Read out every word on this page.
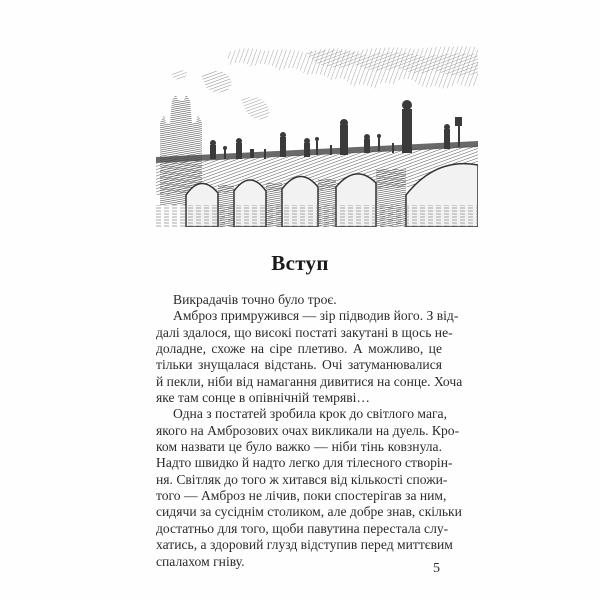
Вступ
Викрадачів точно було троє.
Амброз примружився — зір підводив його. З від-
далі здалося, що високі постаті закутані в щось не-
доладне, схоже на сіре плетиво. А можливо, це
тільки знущалася відстань. Очі затуманювалися
й пекли, ніби від намагання дивитися на сонце. Хоча
яке там сонце в опівнічній темряві…
Одна з постатей зробила крок до світлого мага,
якого на Амброзових очах викликали на дуель. Кро-
ком назвати це було важко — ніби тінь ковзнула.
Надто швидко й надто легко для тілесного створін-
ня. Світляк до того ж хитався від кількості спожи-
того — Амброз не лічив, поки спостерігав за ним,
сидячи за сусіднім столиком, але добре знав, скільки
достатньо для того, щоби павутина перестала слу-
хатись, а здоровий глузд відступив перед миттєвим
спалахом гніву.	5
